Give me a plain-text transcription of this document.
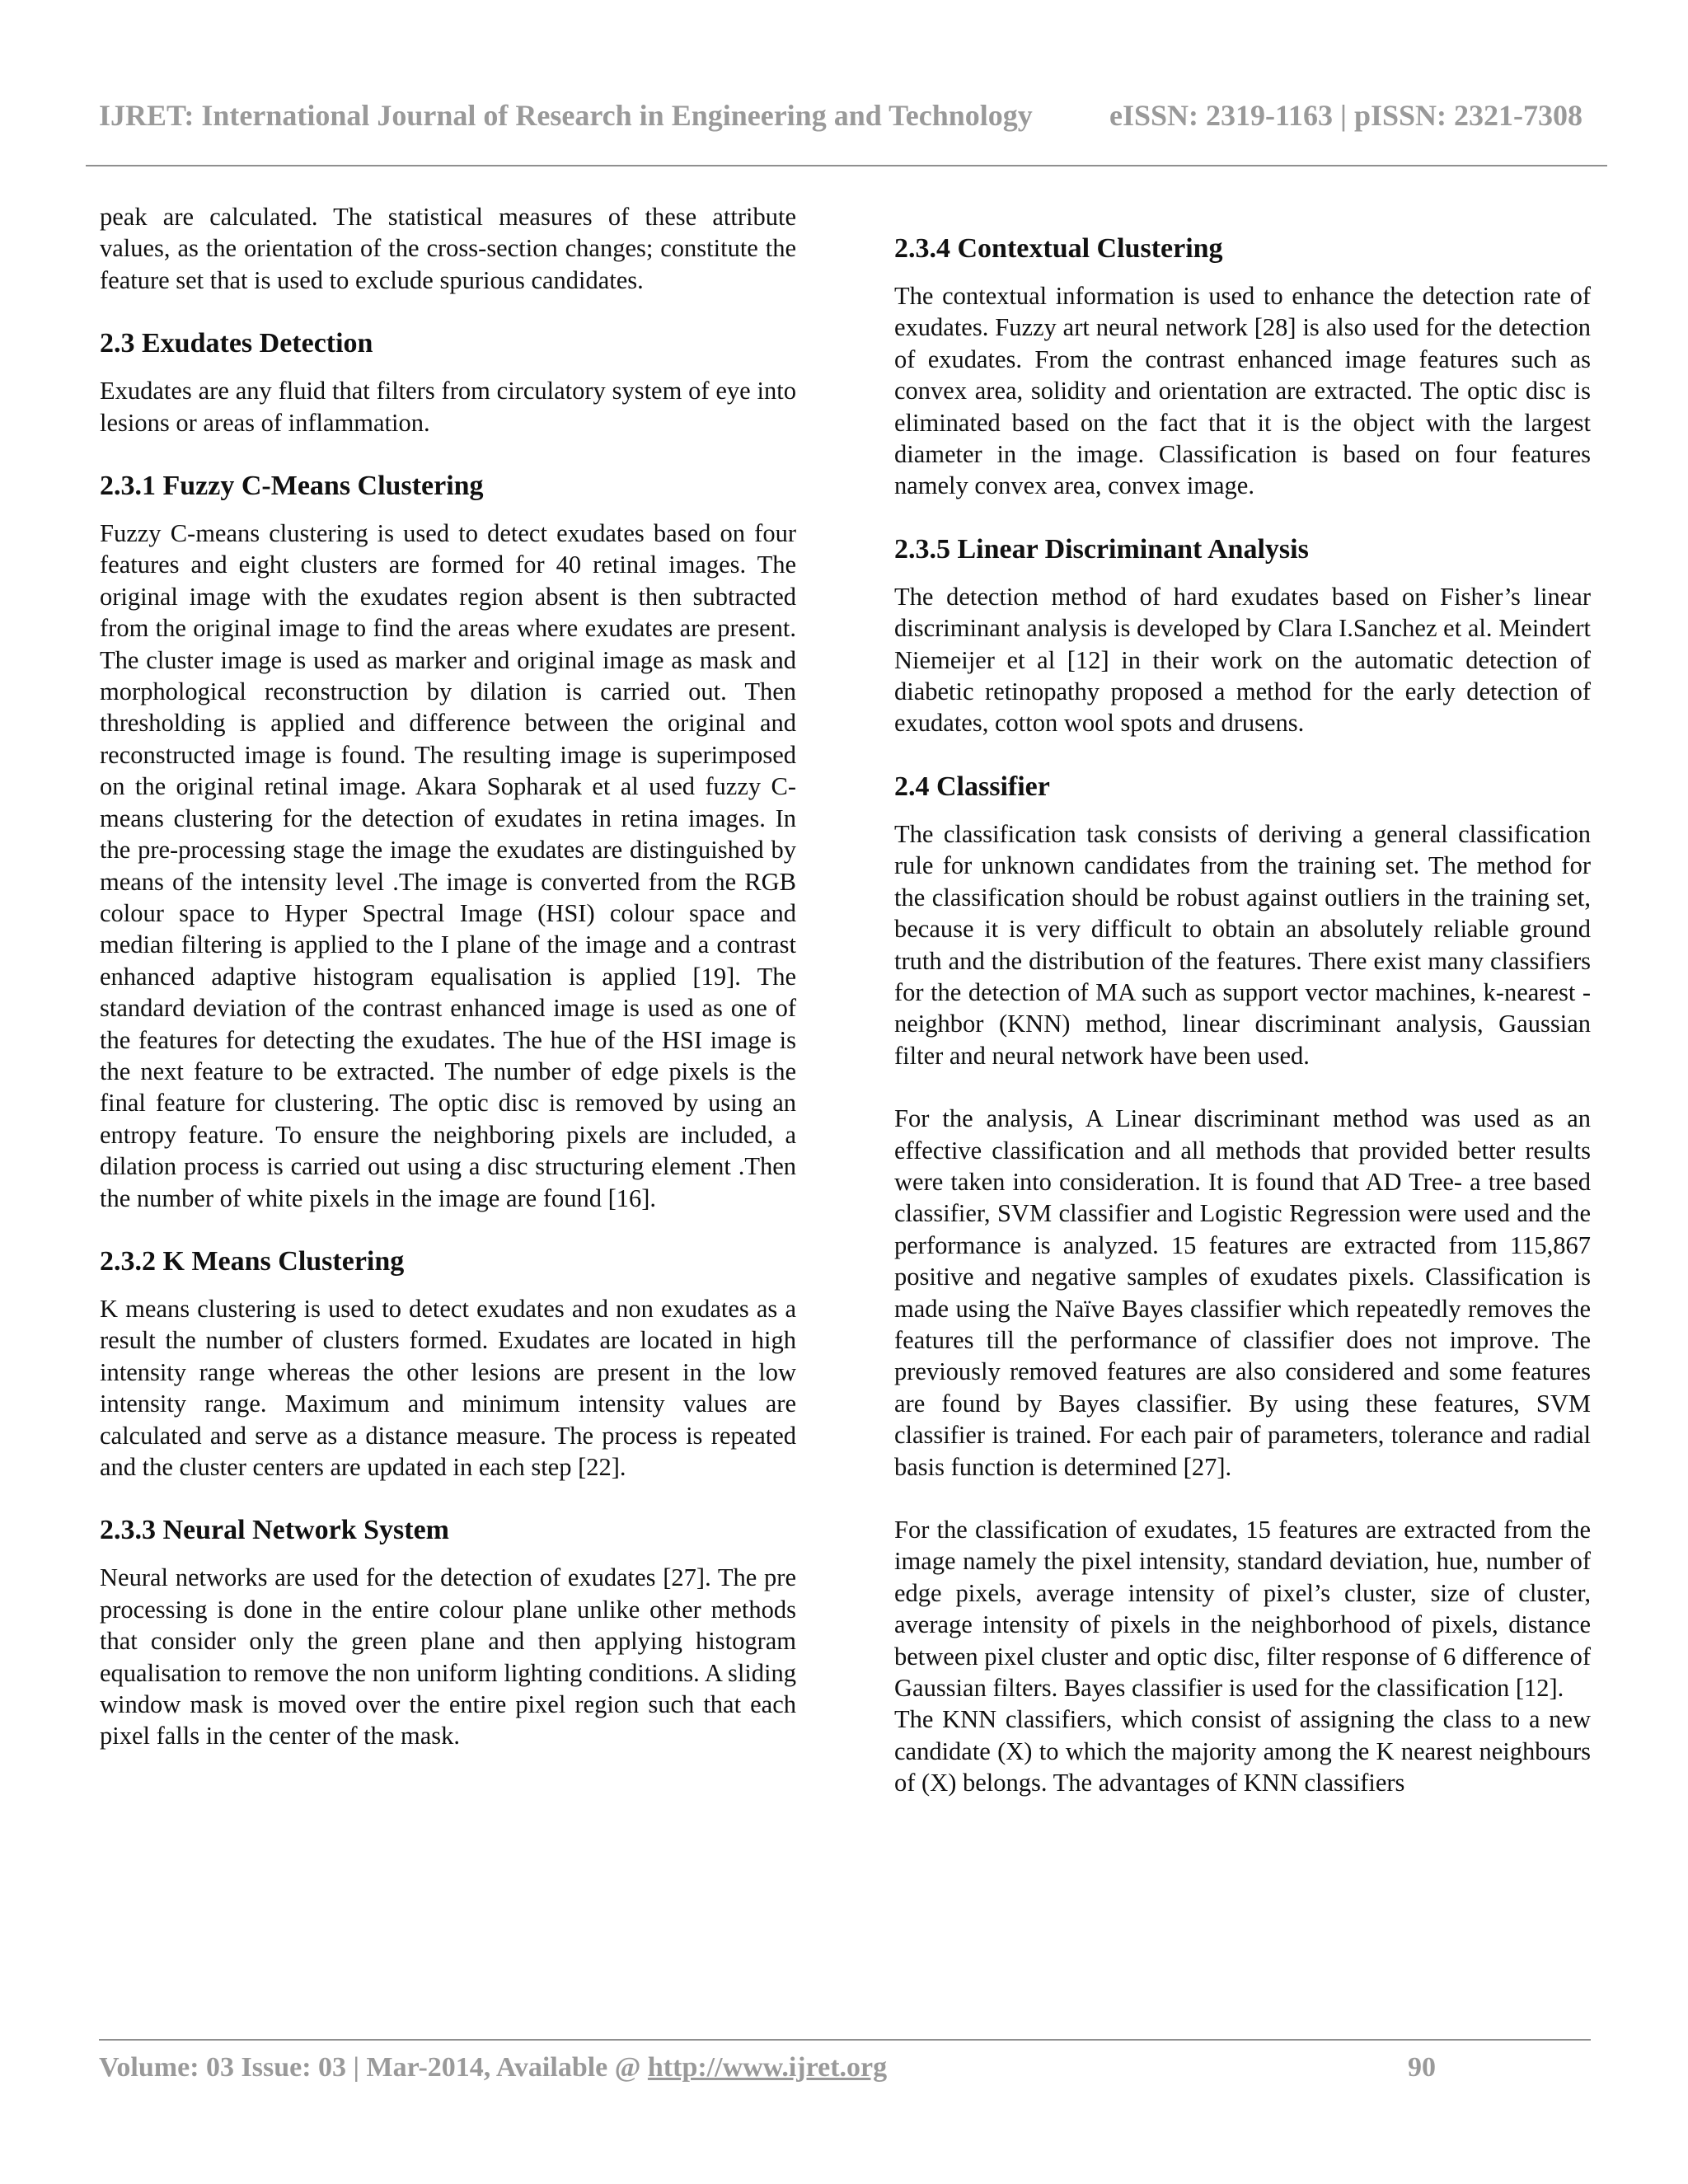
IJRET: International Journal of Research in Engineering and Technology	eISSN: 2319-1163 | pISSN: 2321-7308

peak are calculated. The statistical measures of these attribute values, as the orientation of the cross-section changes; constitute the feature set that is used to exclude spurious candidates.

2.3 Exudates Detection

Exudates are any fluid that filters from circulatory system of eye into lesions or areas of inflammation.

2.3.1 Fuzzy C-Means Clustering

Fuzzy C-means clustering is used to detect exudates based on four features and eight clusters are formed for 40 retinal images. The original image with the exudates region absent is then subtracted from the original image to find the areas where exudates are present. The cluster image is used as marker and original image as mask and morphological reconstruction by dilation is carried out. Then thresholding is applied and difference between the original and reconstructed image is found. The resulting image is superimposed on the original retinal image. Akara Sopharak et al used fuzzy C-means clustering for the detection of exudates in retina images. In the pre-processing stage the image the exudates are distinguished by means of the intensity level .The image is converted from the RGB colour space to Hyper Spectral Image (HSI) colour space and median filtering is applied to the I plane of the image and a contrast enhanced adaptive histogram equalisation is applied [19]. The standard deviation of the contrast enhanced image is used as one of the features for detecting the exudates. The hue of the HSI image is the next feature to be extracted. The number of edge pixels is the final feature for clustering. The optic disc is removed by using an entropy feature. To ensure the neighboring pixels are included, a dilation process is carried out using a disc structuring element .Then the number of white pixels in the image are found [16].

2.3.2 K Means Clustering

K means clustering is used to detect exudates and non exudates as a result the number of clusters formed. Exudates are located in high intensity range whereas the other lesions are present in the low intensity range. Maximum and minimum intensity values are calculated and serve as a distance measure. The process is repeated and the cluster centers are updated in each step [22].

2.3.3 Neural Network System

Neural networks are used for the detection of exudates [27]. The pre processing is done in the entire colour plane unlike other methods that consider only the green plane and then applying histogram equalisation to remove the non uniform lighting conditions. A sliding window mask is moved over the entire pixel region such that each pixel falls in the center of the mask.

2.3.4 Contextual Clustering

The contextual information is used to enhance the detection rate of exudates. Fuzzy art neural network [28] is also used for the detection of exudates. From the contrast enhanced image features such as convex area, solidity and orientation are extracted. The optic disc is eliminated based on the fact that it is the object with the largest diameter in the image. Classification is based on four features namely convex area, convex image.

2.3.5 Linear Discriminant Analysis

The detection method of hard exudates based on Fisher’s linear discriminant analysis is developed by Clara I.Sanchez et al. Meindert Niemeijer et al [12] in their work on the automatic detection of diabetic retinopathy proposed a method for the early detection of exudates, cotton wool spots and drusens.

2.4 Classifier

The classification task consists of deriving a general classification rule for unknown candidates from the training set. The method for the classification should be robust against outliers in the training set, because it is very difficult to obtain an absolutely reliable ground truth and the distribution of the features. There exist many classifiers for the detection of MA such as support vector machines, k-nearest - neighbor (KNN) method, linear discriminant analysis, Gaussian filter and neural network have been used.

For the analysis, A Linear discriminant method was used as an effective classification and all methods that provided better results were taken into consideration. It is found that AD Tree- a tree based classifier, SVM classifier and Logistic Regression were used and the performance is analyzed. 15 features are extracted from 115,867 positive and negative samples of exudates pixels. Classification is made using the Naïve Bayes classifier which repeatedly removes the features till the performance of classifier does not improve. The previously removed features are also considered and some features are found by Bayes classifier. By using these features, SVM classifier is trained. For each pair of parameters, tolerance and radial basis function is determined [27].

For the classification of exudates, 15 features are extracted from the image namely the pixel intensity, standard deviation, hue, number of edge pixels, average intensity of pixel’s cluster, size of cluster, average intensity of pixels in the neighborhood of pixels, distance between pixel cluster and optic disc, filter response of 6 difference of Gaussian filters. Bayes classifier is used for the classification [12].

The KNN classifiers, which consist of assigning the class to a new candidate (X) to which the majority among the K nearest neighbours of (X) belongs. The advantages of KNN classifiers

Volume: 03 Issue: 03 | Mar-2014, Available @ http://www.ijret.org	90
